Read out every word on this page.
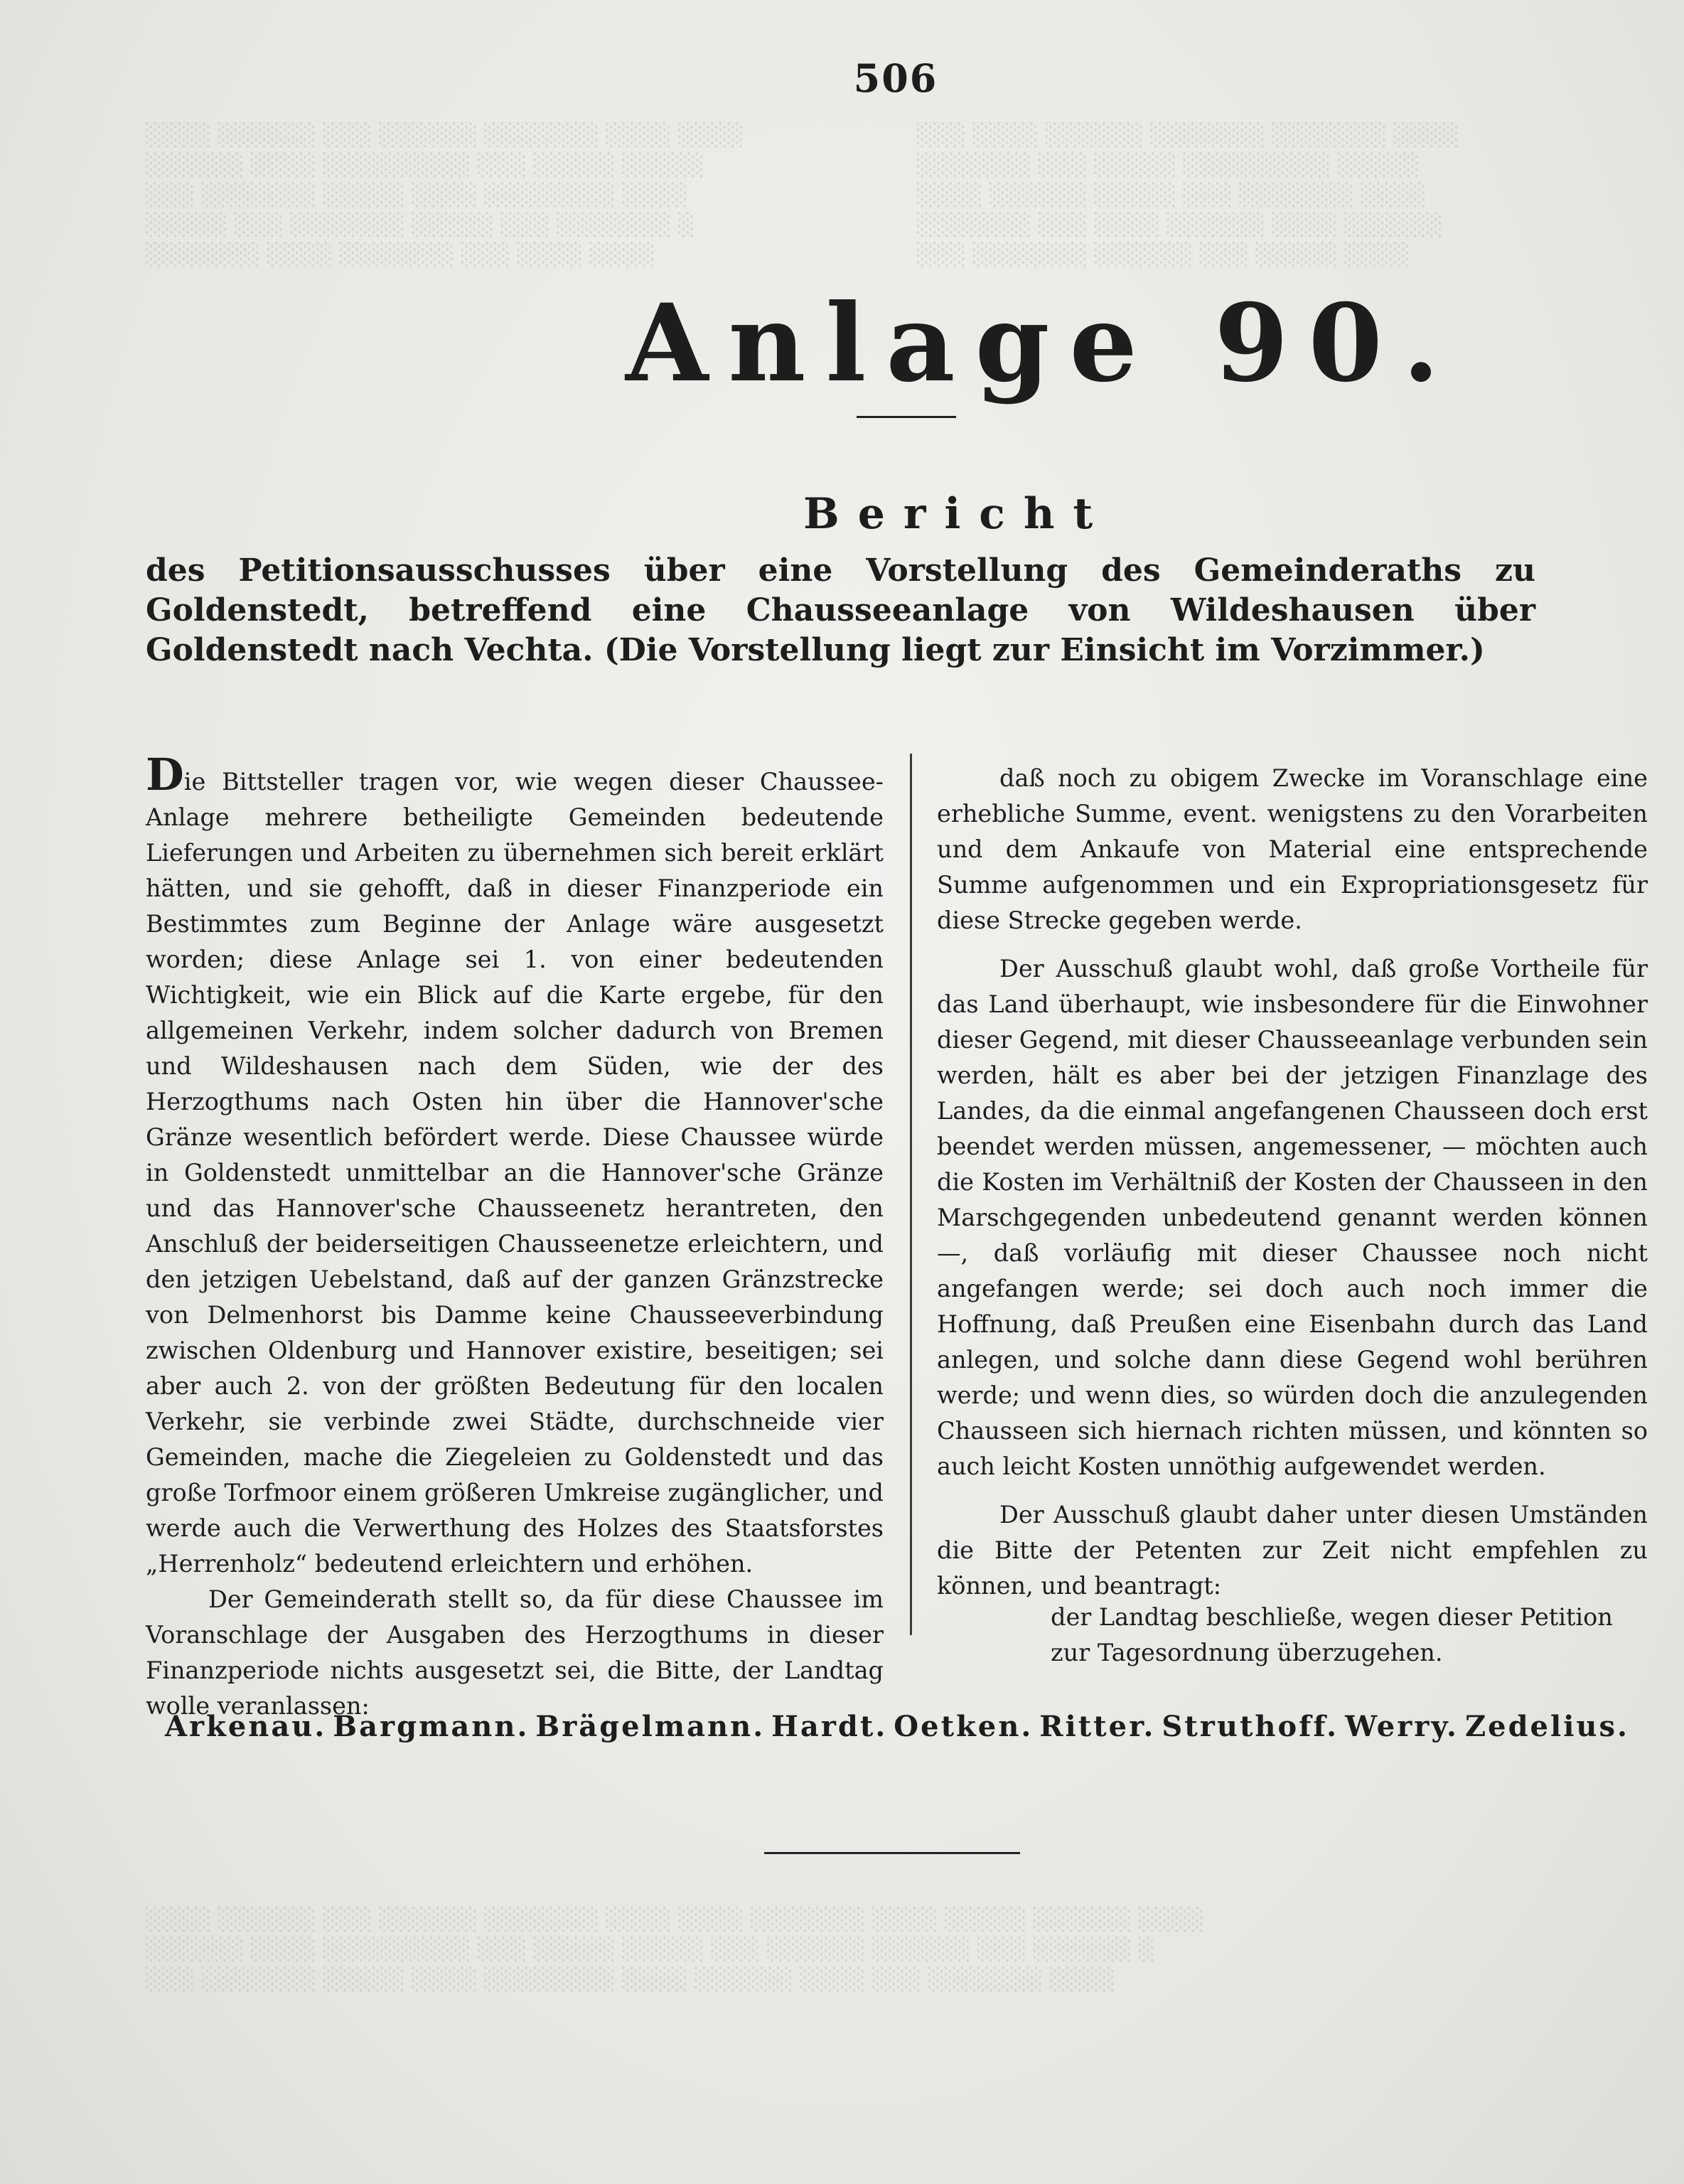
░░░░ ░░░░░░ ░░░ ░░░░░░ ░░░░░░░ ░░░░ ░░░░
░░░░░░ ░░░░ ░░░░░░░░░ ░░░ ░░░░░ ░░░░░
░░░ ░░░░░░░ ░░░░░ ░░░░ ░░░░░░░░ ░░░░
░░░░░ ░░░ ░░░░░░░ ░░░░░ ░░░ ░░░░░░░ ░
░░░░░░░ ░░░░ ░░░░░░░ ░░░ ░░░░ ░░░░
░░░ ░░░░ ░░░░░░ ░░░░░░░ ░░░░░░░ ░░░░
░░░░░░░ ░░░ ░░░░░ ░░░░░░░░░ ░░░░░
░░░░ ░░░░░░ ░░░░░ ░░░ ░░░░░░░ ░░░░
░░░░░░░ ░░░ ░░░░ ░░░░░░ ░░░░ ░░░░░░
░░░ ░░░░░░░ ░░░░░░ ░░░ ░░░░░ ░░░░
506
Anlage 90.
Bericht
des Petitionsausschusses über eine Vorstellung des Gemeinderaths zu Goldenstedt, betreffend eine Chausseeanlage von Wildeshausen über Goldenstedt nach Vechta. (Die Vorstellung liegt zur Einsicht im Vorzimmer.)

Die Bittsteller tragen vor, wie wegen dieser Chaussee-Anlage mehrere betheiligte Gemeinden bedeutende Lieferungen und Arbeiten zu übernehmen sich bereit erklärt hätten, und sie gehofft, daß in dieser Finanzperiode ein Bestimmtes zum Beginne der Anlage wäre ausgesetzt worden; diese Anlage sei 1. von einer bedeutenden Wichtigkeit, wie ein Blick auf die Karte ergebe, für den allgemeinen Verkehr, indem solcher dadurch von Bremen und Wildeshausen nach dem Süden, wie der des Herzogthums nach Osten hin über die Hannover'sche Gränze wesentlich befördert werde. Diese Chaussee würde in Goldenstedt unmittelbar an die Hannover'sche Gränze und das Hannover'sche Chausseenetz herantreten, den Anschluß der beiderseitigen Chausseenetze erleichtern, und den jetzigen Uebelstand, daß auf der ganzen Gränzstrecke von Delmenhorst bis Damme keine Chausseeverbindung zwischen Oldenburg und Hannover existire, beseitigen; sei aber auch 2. von der größten Bedeutung für den localen Verkehr, sie verbinde zwei Städte, durchschneide vier Gemeinden, mache die Ziegeleien zu Goldenstedt und das große Torfmoor einem größeren Umkreise zugänglicher, und werde auch die Verwerthung des Holzes des Staatsforstes „Herrenholz“ bedeutend erleichtern und erhöhen.

Der Gemeinderath stellt so, da für diese Chaussee im Voranschlage der Ausgaben des Herzogthums in dieser Finanzperiode nichts ausgesetzt sei, die Bitte, der Landtag wolle veranlassen:

daß noch zu obigem Zwecke im Voranschlage eine erhebliche Summe, event. wenigstens zu den Vorarbeiten und dem Ankaufe von Material eine entsprechende Summe aufgenommen und ein Expropriationsgesetz für diese Strecke gegeben werde.

Der Ausschuß glaubt wohl, daß große Vortheile für das Land überhaupt, wie insbesondere für die Einwohner dieser Gegend, mit dieser Chausseeanlage verbunden sein werden, hält es aber bei der jetzigen Finanzlage des Landes, da die einmal angefangenen Chausseen doch erst beendet werden müssen, angemessener, — möchten auch die Kosten im Verhältniß der Kosten der Chausseen in den Marschgegenden unbedeutend genannt werden können —, daß vorläufig mit dieser Chaussee noch nicht angefangen werde; sei doch auch noch immer die Hoffnung, daß Preußen eine Eisenbahn durch das Land anlegen, und solche dann diese Gegend wohl berühren werde; und wenn dies, so würden doch die anzulegenden Chausseen sich hiernach richten müssen, und könnten so auch leicht Kosten unnöthig aufgewendet werden.

Der Ausschuß glaubt daher unter diesen Umständen die Bitte der Petenten zur Zeit nicht empfehlen zu können, und beantragt:

der Landtag beschließe, wegen dieser Petition zur Tagesordnung überzugehen.
Arkenau. Bargmann. Brägelmann. Hardt. Oetken. Ritter. Struthoff. Werry. Zedelius.
░░░░ ░░░░░░ ░░░ ░░░░░░ ░░░░░░░ ░░░░ ░░░░ ░░░░░░░ ░░░░ ░░░░░ ░░░░░░ ░░░░
░░░░░░ ░░░░ ░░░░░░░░░ ░░░ ░░░░░ ░░░░░ ░░░ ░░░░░░ ░░░░░░ ░░░ ░░░░░░ ░
░░░ ░░░░░░░ ░░░░░ ░░░░ ░░░░░░░░ ░░░░ ░░░░░░ ░░░░ ░░░ ░░░░░░░ ░░░░
